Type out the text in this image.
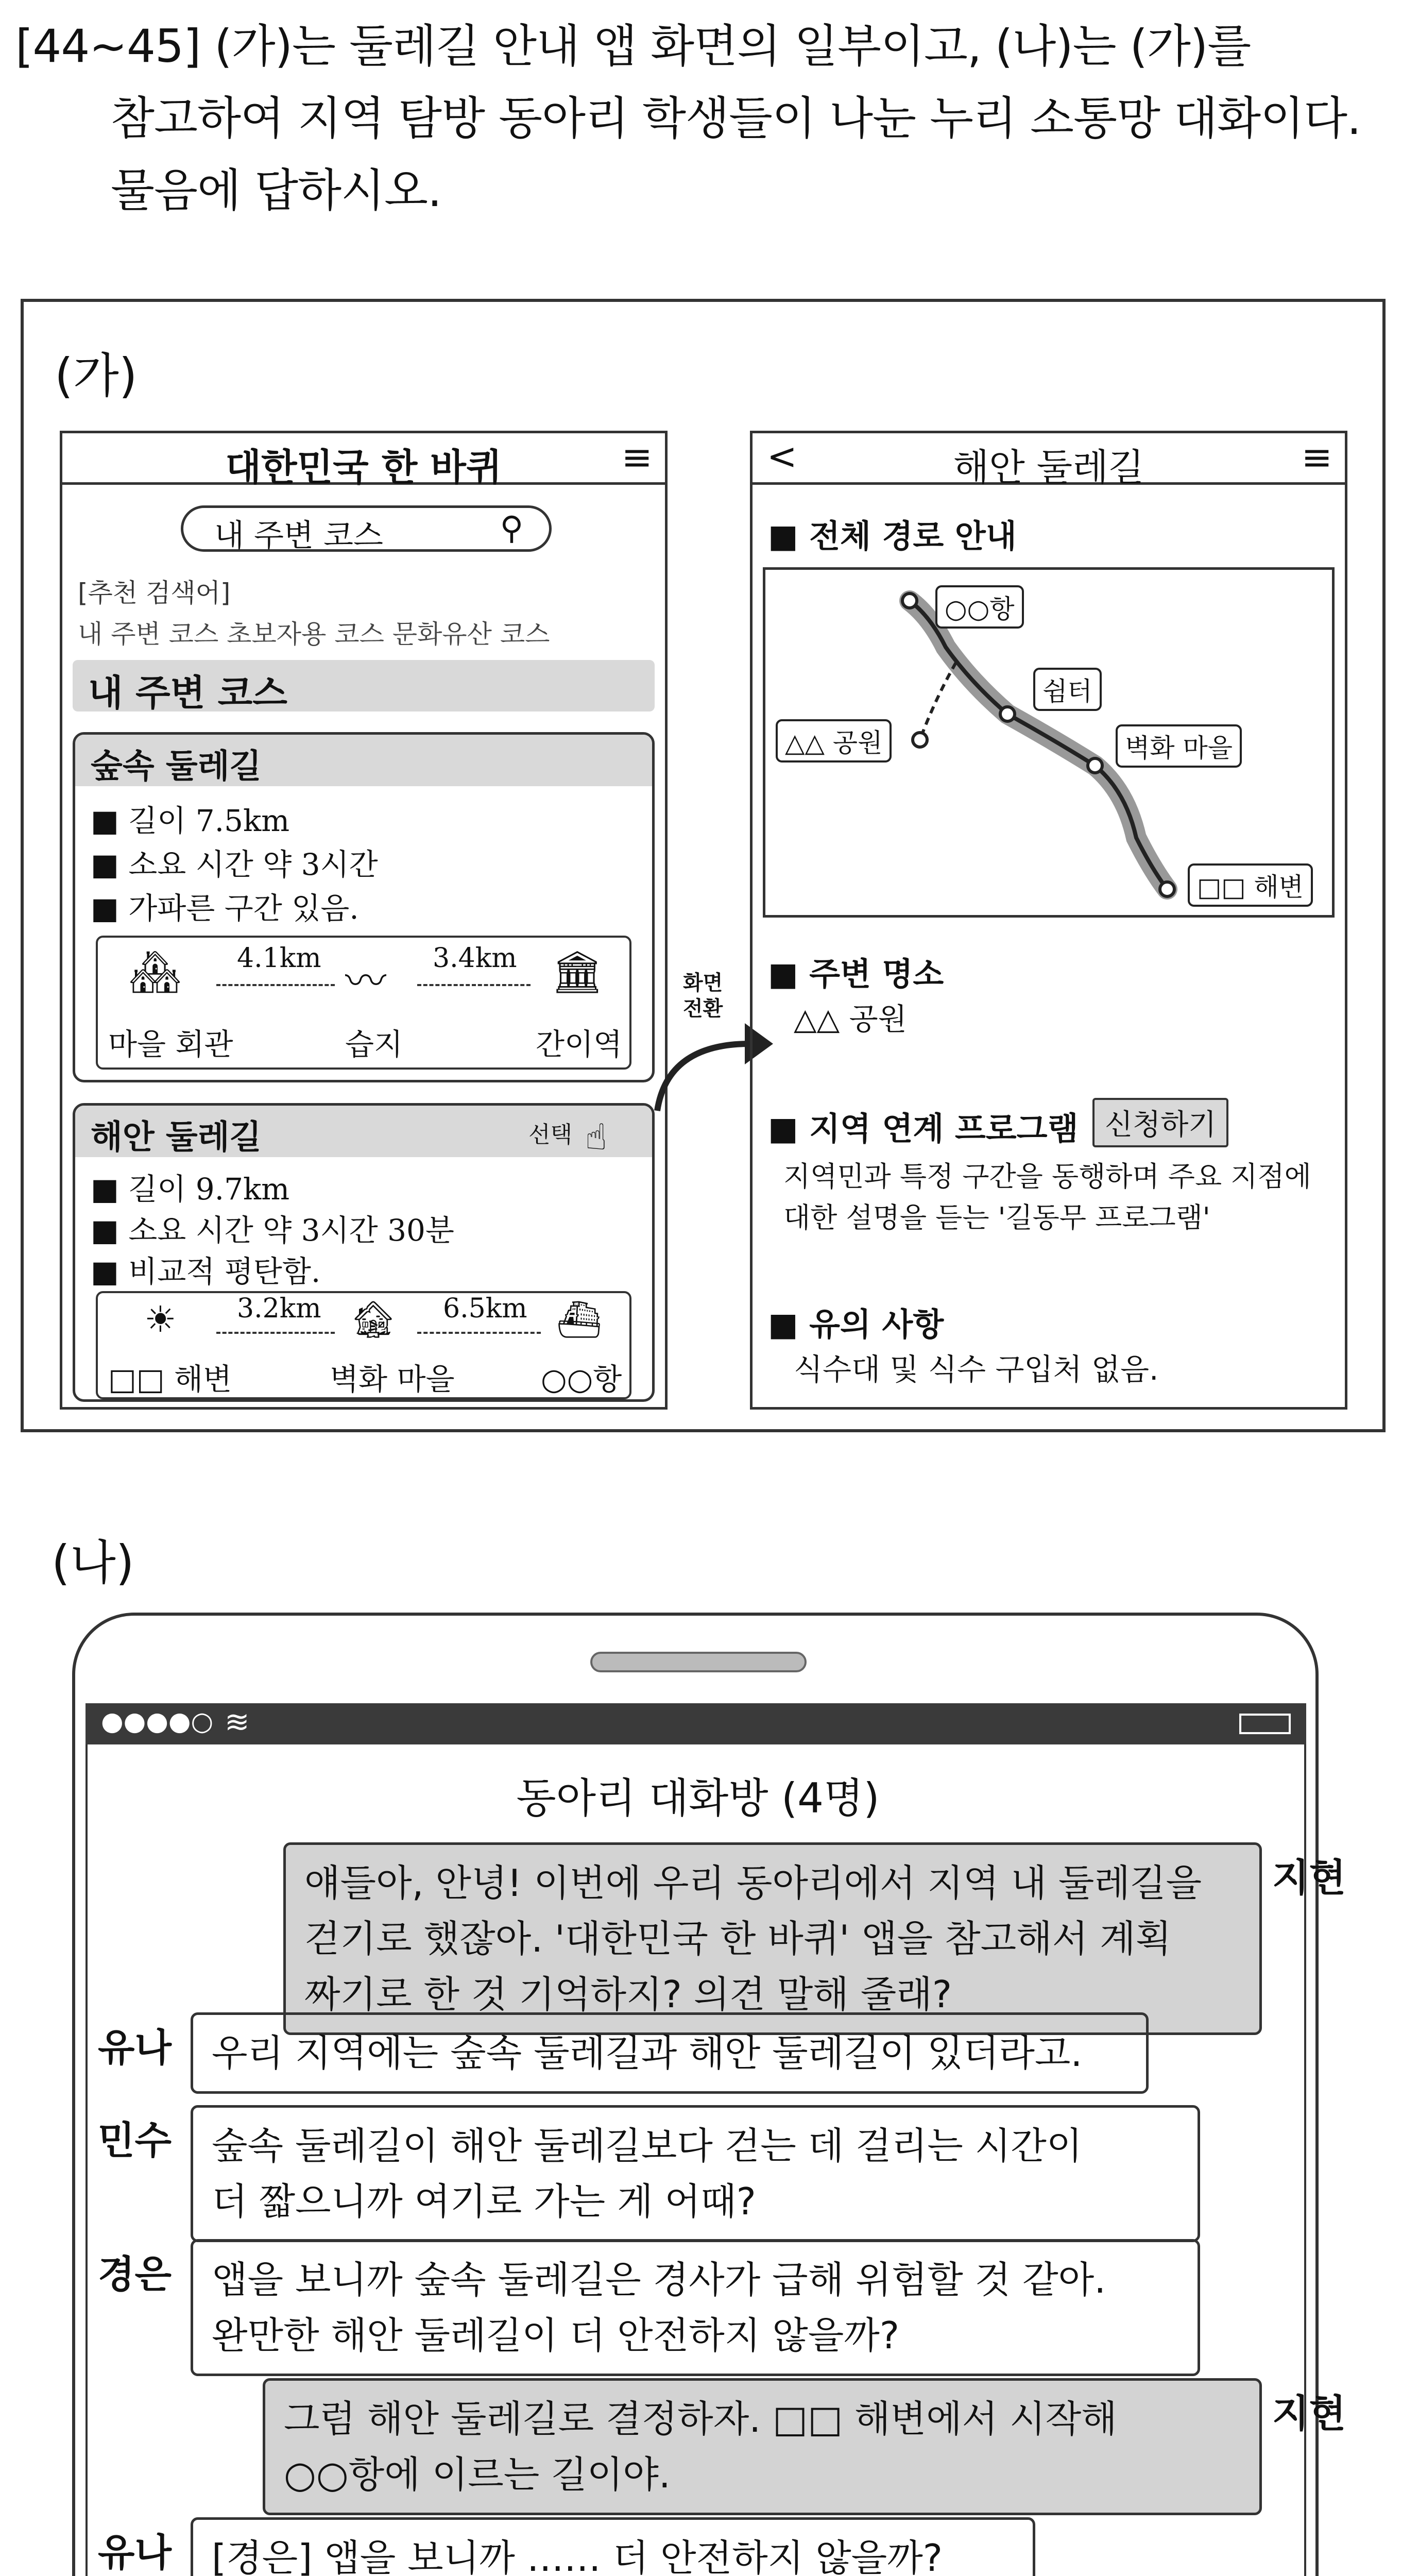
[44~45] (가)는 둘레길 안내 앱 화면의 일부이고, (나)는 (가)를
참고하여 지역 탐방 동아리 학생들이 나눈 누리 소통망 대화이다.
물음에 답하시오.
(가)
대한민국 한 바퀴	≡
내 주변 코스	⚲
[추천 검색어]
내 주변 코스 초보자용 코스 문화유산 코스
내 주변 코스
숲속 둘레길
■ 길이 7.5km
■ 소요 시간 약 3시간
■ 가파른 구간 있음.
🏘 4.1km 〰 3.4km 🏛
마을 회관	습지	간이역
해안 둘레길	선택 ☝
■ 길이 9.7km
■ 소요 시간 약 3시간 30분
■ 비교적 평탄함.
☀ 3.2km 🏚 6.5km ⛴
□□ 해변	벽화 마을	○○항
화면
전환
<	해안 둘레길	≡
■ 전체 경로 안내
○○항
쉼터
△△ 공원	벽화 마을
□□ 해변
■ 주변 명소
△△ 공원
■ 지역 연계 프로그램 신청하기
지역민과 특정 구간을 동행하며 주요 지점에
대한 설명을 듣는 '길동무 프로그램'
■ 유의 사항
식수대 및 식수 구입처 없음.
(나)
●●●●○ ≋
동아리 대화방 (4명)
얘들아, 안녕! 이번에 우리 동아리에서 지역 내 둘레길을
걷기로 했잖아. '대한민국 한 바퀴' 앱을 참고해서 계획
짜기로 한 것 기억하지? 의견 말해 줄래?
지현
우리 지역에는 숲속 둘레길과 해안 둘레길이 있더라고.
유나
숲속 둘레길이 해안 둘레길보다 걷는 데 걸리는 시간이
더 짧으니까 여기로 가는 게 어때?
민수
앱을 보니까 숲속 둘레길은 경사가 급해 위험할 것 같아.
완만한 해안 둘레길이 더 안전하지 않을까?
경은
그럼 해안 둘레길로 결정하자. □□ 해변에서 시작해
○○항에 이르는 길이야.
지현
[경은] 앱을 보니까 …… 더 안전하지 않을까?
유나
